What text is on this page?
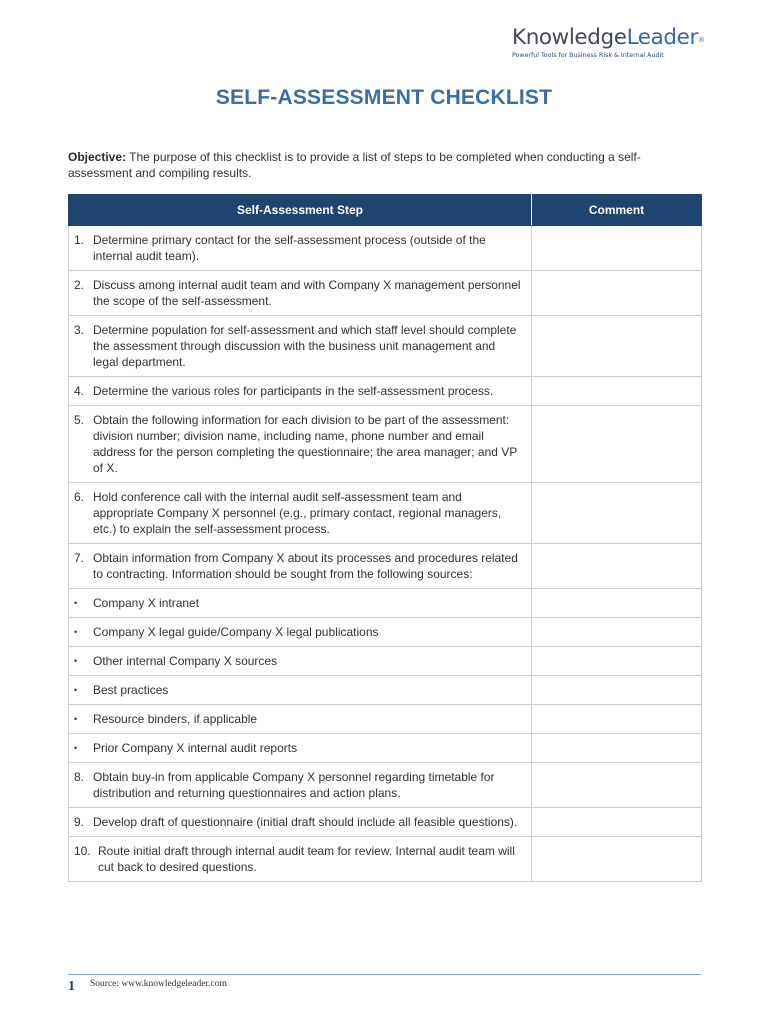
KnowledgeLeader®
Powerful Tools for Business Risk & Internal Audit
SELF-ASSESSMENT CHECKLIST
Objective: The purpose of this checklist is to provide a list of steps to be completed when conducting a self-assessment and compiling results.
Self-Assessment Step	Comment

1. Determine primary contact for the self-assessment process (outside of the internal audit team).	

2. Discuss among internal audit team and with Company X management personnel the scope of the self-assessment.	

3. Determine population for self-assessment and which staff level should complete the assessment through discussion with the business unit management and legal department.	

4. Determine the various roles for participants in the self-assessment process.	

5. Obtain the following information for each division to be part of the assessment: division number; division name, including name, phone number and email address for the person completing the questionnaire; the area manager; and VP of X.	

6. Hold conference call with the internal audit self-assessment team and appropriate Company X personnel (e.g., primary contact, regional managers, etc.) to explain the self-assessment process.	

7. Obtain information from Company X about its processes and procedures related to contracting. Information should be sought from the following sources:	

• Company X intranet	

• Company X legal guide/Company X legal publications	

• Other internal Company X sources	

• Best practices	

• Resource binders, if applicable	

• Prior Company X internal audit reports	

8. Obtain buy-in from applicable Company X personnel regarding timetable for distribution and returning questionnaires and action plans.	

9. Develop draft of questionnaire (initial draft should include all feasible questions).	

10. Route initial draft through internal audit team for review. Internal audit team will cut back to desired questions.	

1 Source: www.knowledgeleader.com
